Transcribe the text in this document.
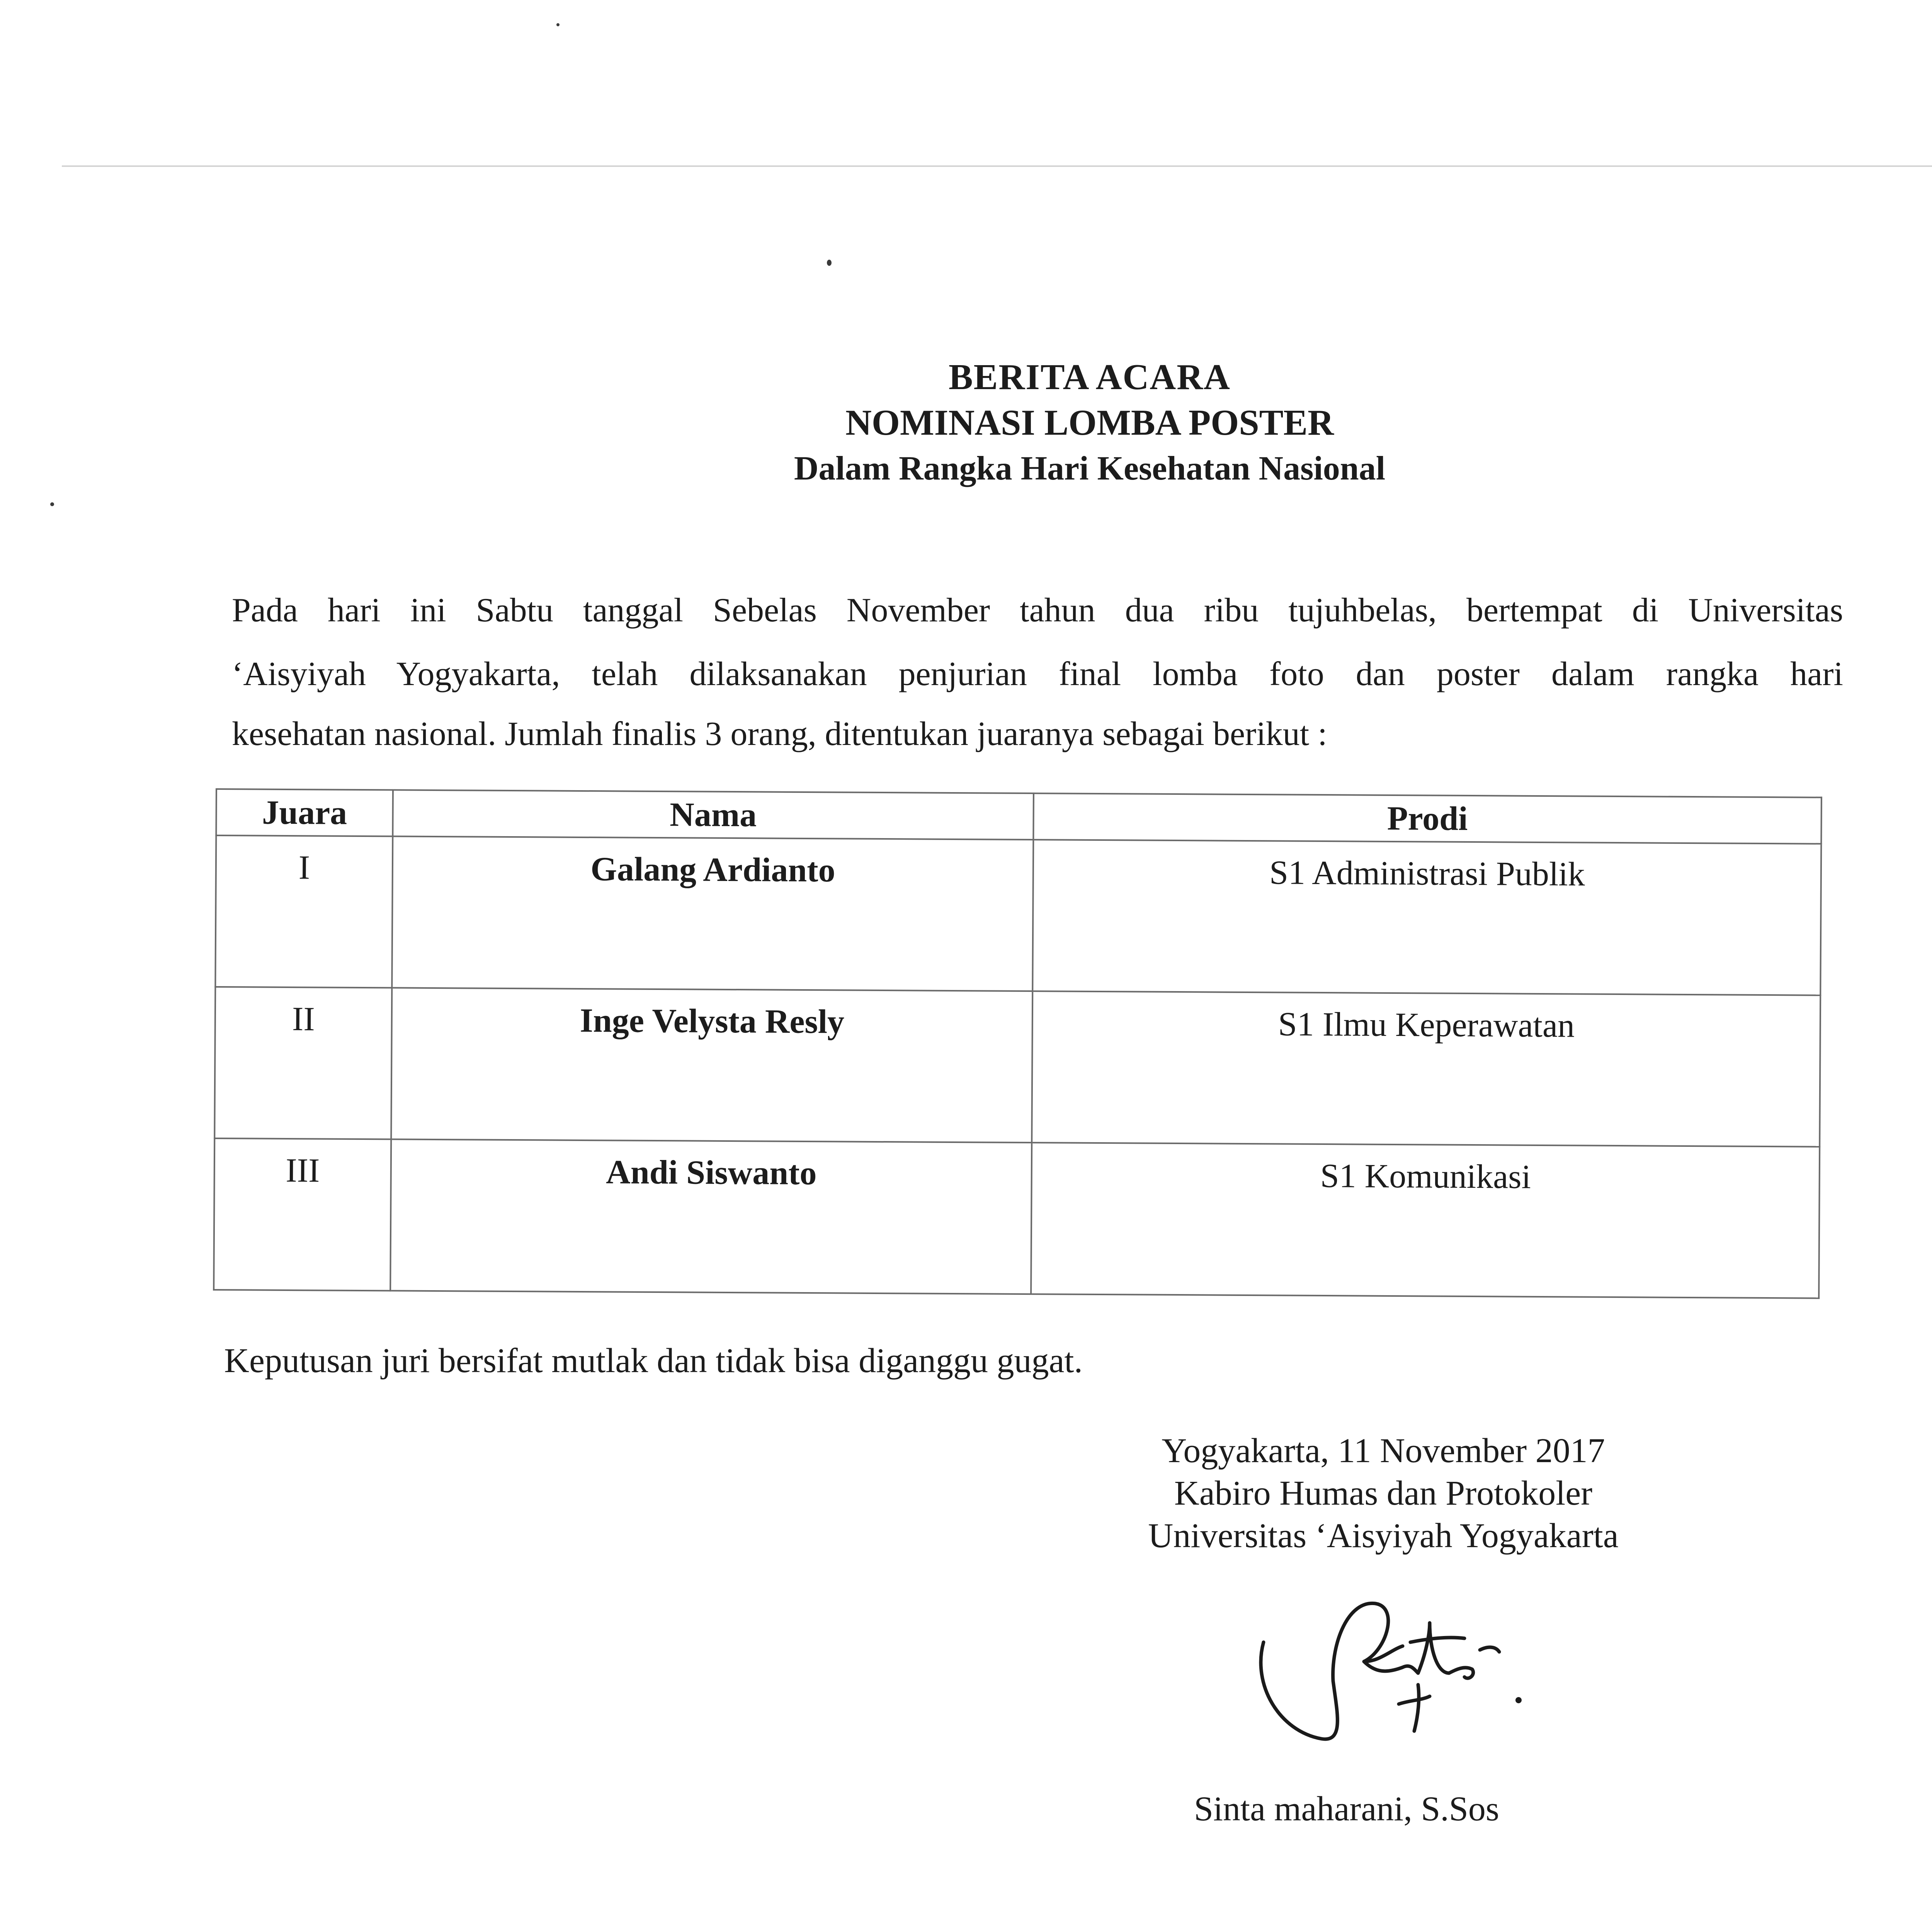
BERITA ACARA
NOMINASI LOMBA POSTER
Dalam Rangka Hari Kesehatan Nasional
Pada hari ini Sabtu tanggal Sebelas November tahun dua ribu tujuhbelas, bertempat di Universitas
‘Aisyiyah Yogyakarta, telah dilaksanakan penjurian final lomba foto dan poster dalam rangka hari
kesehatan nasional. Jumlah finalis 3 orang, ditentukan juaranya sebagai berikut :
Juara	Nama	Prodi
I	Galang Ardianto	S1 Administrasi Publik
II	Inge Velysta Resly	S1 Ilmu Keperawatan
III	Andi Siswanto	S1 Komunikasi

Keputusan juri bersifat mutlak dan tidak bisa diganggu gugat.

Yogyakarta, 11 November 2017
Kabiro Humas dan Protokoler
Universitas ‘Aisyiyah Yogyakarta
Sinta maharani, S.Sos
